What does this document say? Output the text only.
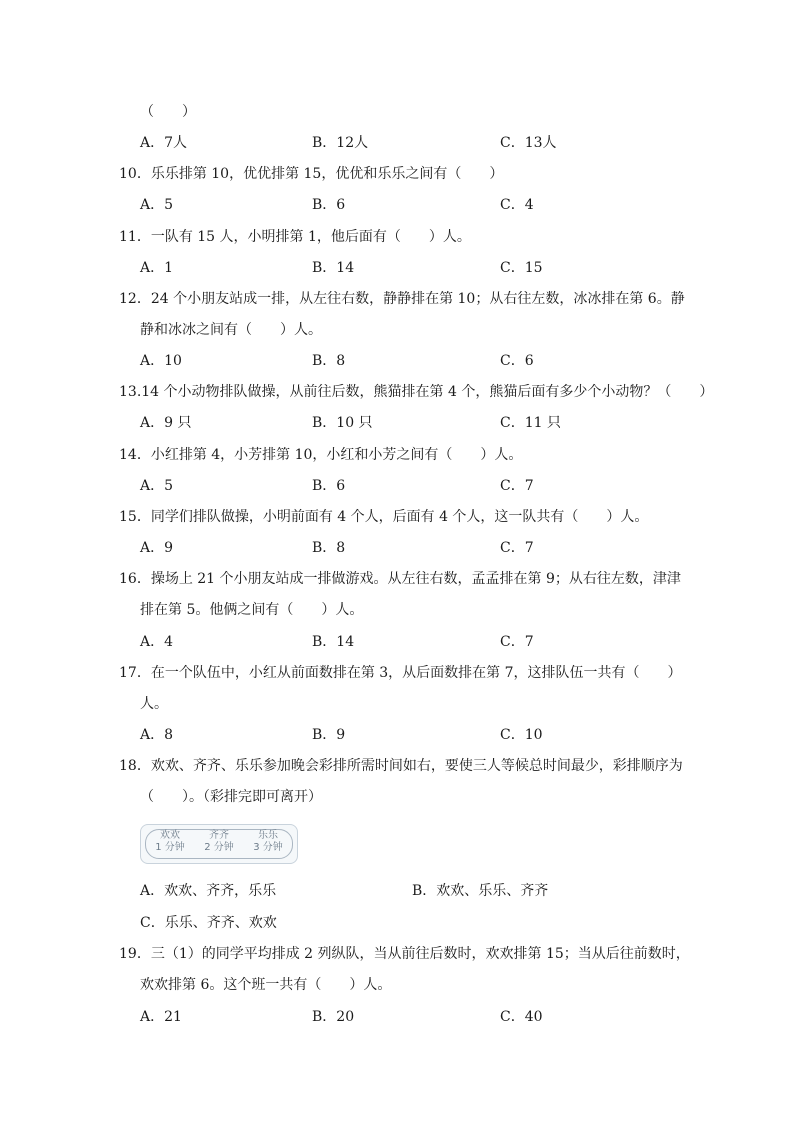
（　　）
A．7人	B．12人	C．13人
10．乐乐排第 10，优优排第 15，优优和乐乐之间有（　　）
A．5	B．6	C．4
11．一队有 15 人，小明排第 1，他后面有（　　）人。
A．1	B．14	C．15
12．24 个小朋友站成一排，从左往右数，静静排在第 10；从右往左数，冰冰排在第 6。静
静和冰冰之间有（　　）人。
A．10	B．8	C．6
13.14 个小动物排队做操，从前往后数，熊猫排在第 4 个，熊猫后面有多少个小动物？（　　）
A．9 只	B．10 只	C．11 只
14．小红排第 4，小芳排第 10，小红和小芳之间有（　　）人。
A．5	B．6	C．7
15．同学们排队做操，小明前面有 4 个人，后面有 4 个人，这一队共有（　　）人。
A．9	B．8	C．7
16．操场上 21 个小朋友站成一排做游戏。从左往右数，孟孟排在第 9；从右往左数，津津
排在第 5。他俩之间有（　　）人。
A．4	B．14	C．7
17．在一个队伍中，小红从前面数排在第 3，从后面数排在第 7，这排队伍一共有（　　）
人。
A．8	B．9	C．10
18．欢欢、齐齐、乐乐参加晚会彩排所需时间如右，要使三人等候总时间最少，彩排顺序为
（　　）。（彩排完即可离开）
欢欢
1 分钟
齐齐
2 分钟
乐乐
3 分钟
A．欢欢、齐齐，乐乐	B．欢欢、乐乐、齐齐
C．乐乐、齐齐、欢欢
19．三（1）的同学平均排成 2 列纵队，当从前往后数时，欢欢排第 15；当从后往前数时，
欢欢排第 6。这个班一共有（　　）人。
A．21	B．20	C．40
